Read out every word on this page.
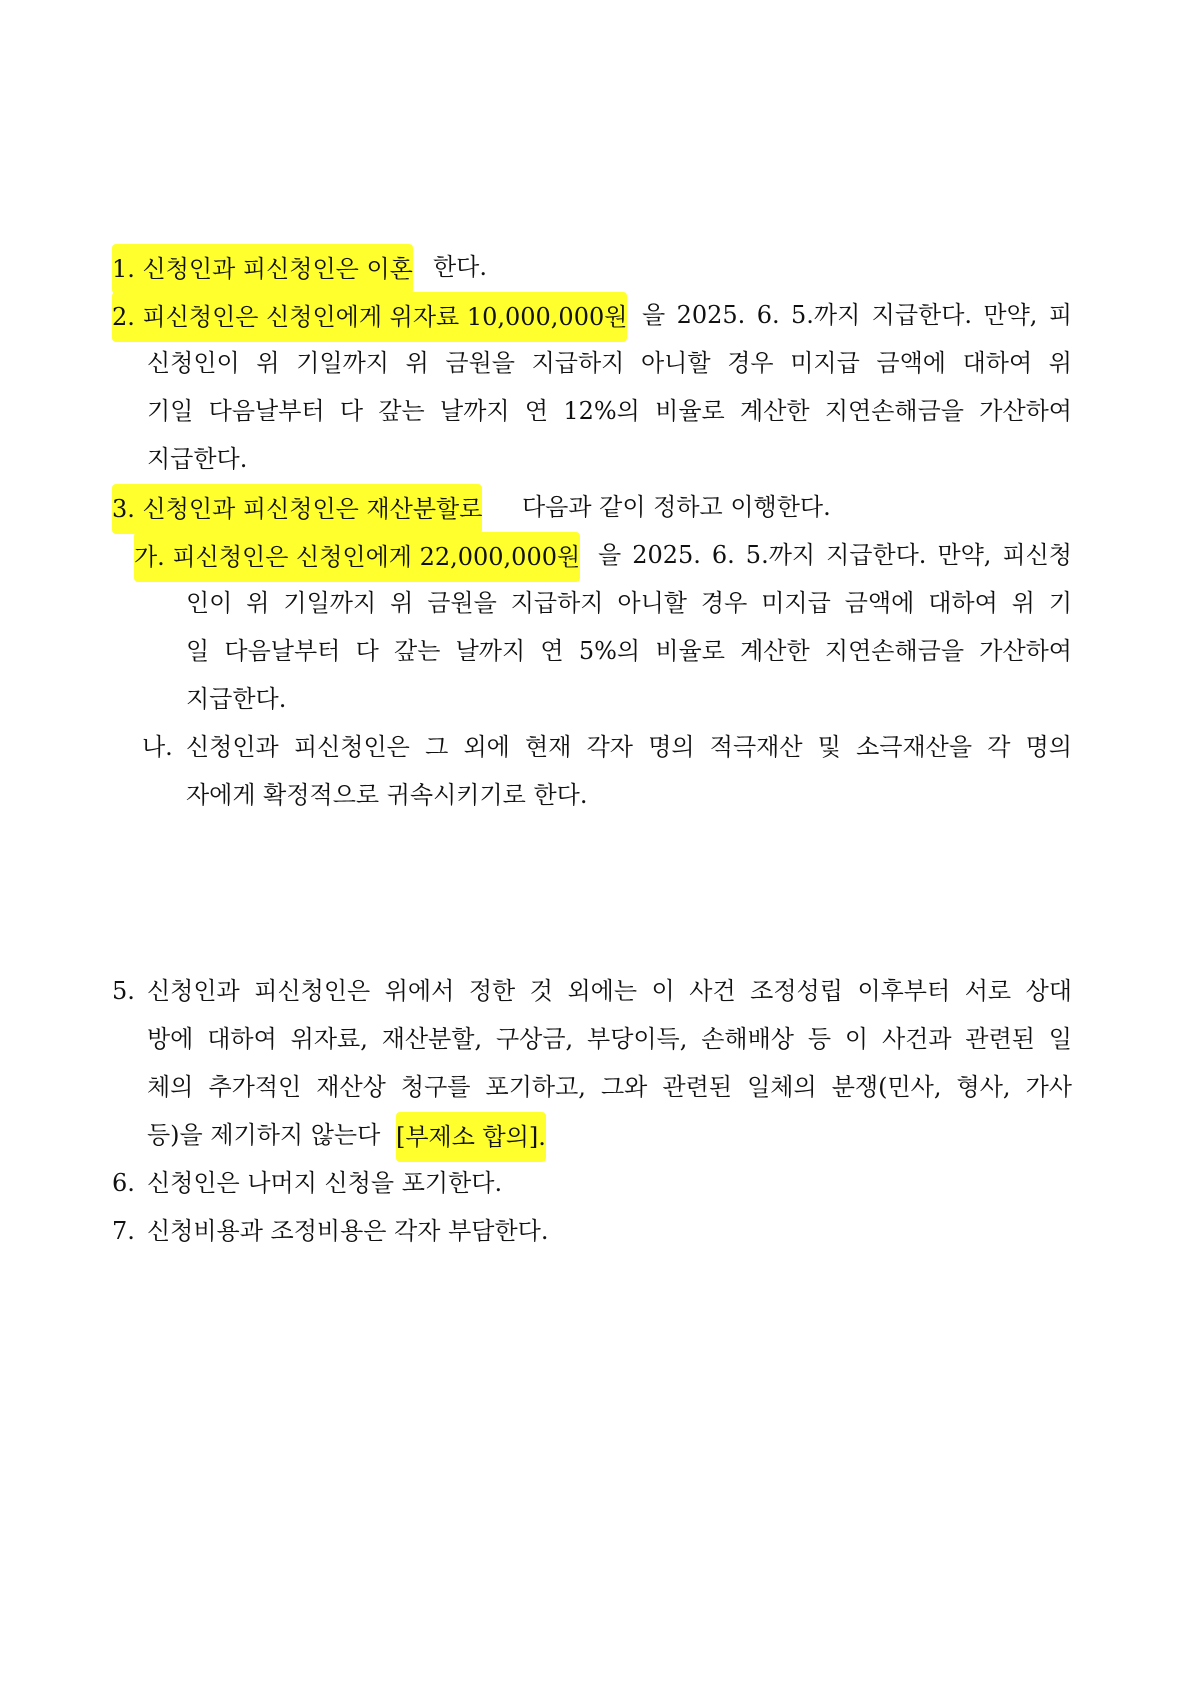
1. 신청인과 피신청인은 이혼 한다.
2. 피신청인은 신청인에게 위자료 10,000,000원 을 2025. 6. 5.까지 지급한다. 만약, 피
신청인이 위 기일까지 위 금원을 지급하지 아니할 경우 미지급 금액에 대하여 위
기일 다음날부터 다 갚는 날까지 연 12%의 비율로 계산한 지연손해금을 가산하여
지급한다.
3. 신청인과 피신청인은 재산분할로 다음과 같이 정하고 이행한다.
가. 피신청인은 신청인에게 22,000,000원 을 2025. 6. 5.까지 지급한다. 만약, 피신청
인이 위 기일까지 위 금원을 지급하지 아니할 경우 미지급 금액에 대하여 위 기
일 다음날부터 다 갚는 날까지 연 5%의 비율로 계산한 지연손해금을 가산하여
지급한다.
나. 신청인과 피신청인은 그 외에 현재 각자 명의 적극재산 및 소극재산을 각 명의
자에게 확정적으로 귀속시키기로 한다.
5. 신청인과 피신청인은 위에서 정한 것 외에는 이 사건 조정성립 이후부터 서로 상대
방에 대하여 위자료, 재산분할, 구상금, 부당이득, 손해배상 등 이 사건과 관련된 일
체의 추가적인 재산상 청구를 포기하고, 그와 관련된 일체의 분쟁(민사, 형사, 가사
등)을 제기하지 않는다 [부제소 합의].
6. 신청인은 나머지 신청을 포기한다.
7. 신청비용과 조정비용은 각자 부담한다.
